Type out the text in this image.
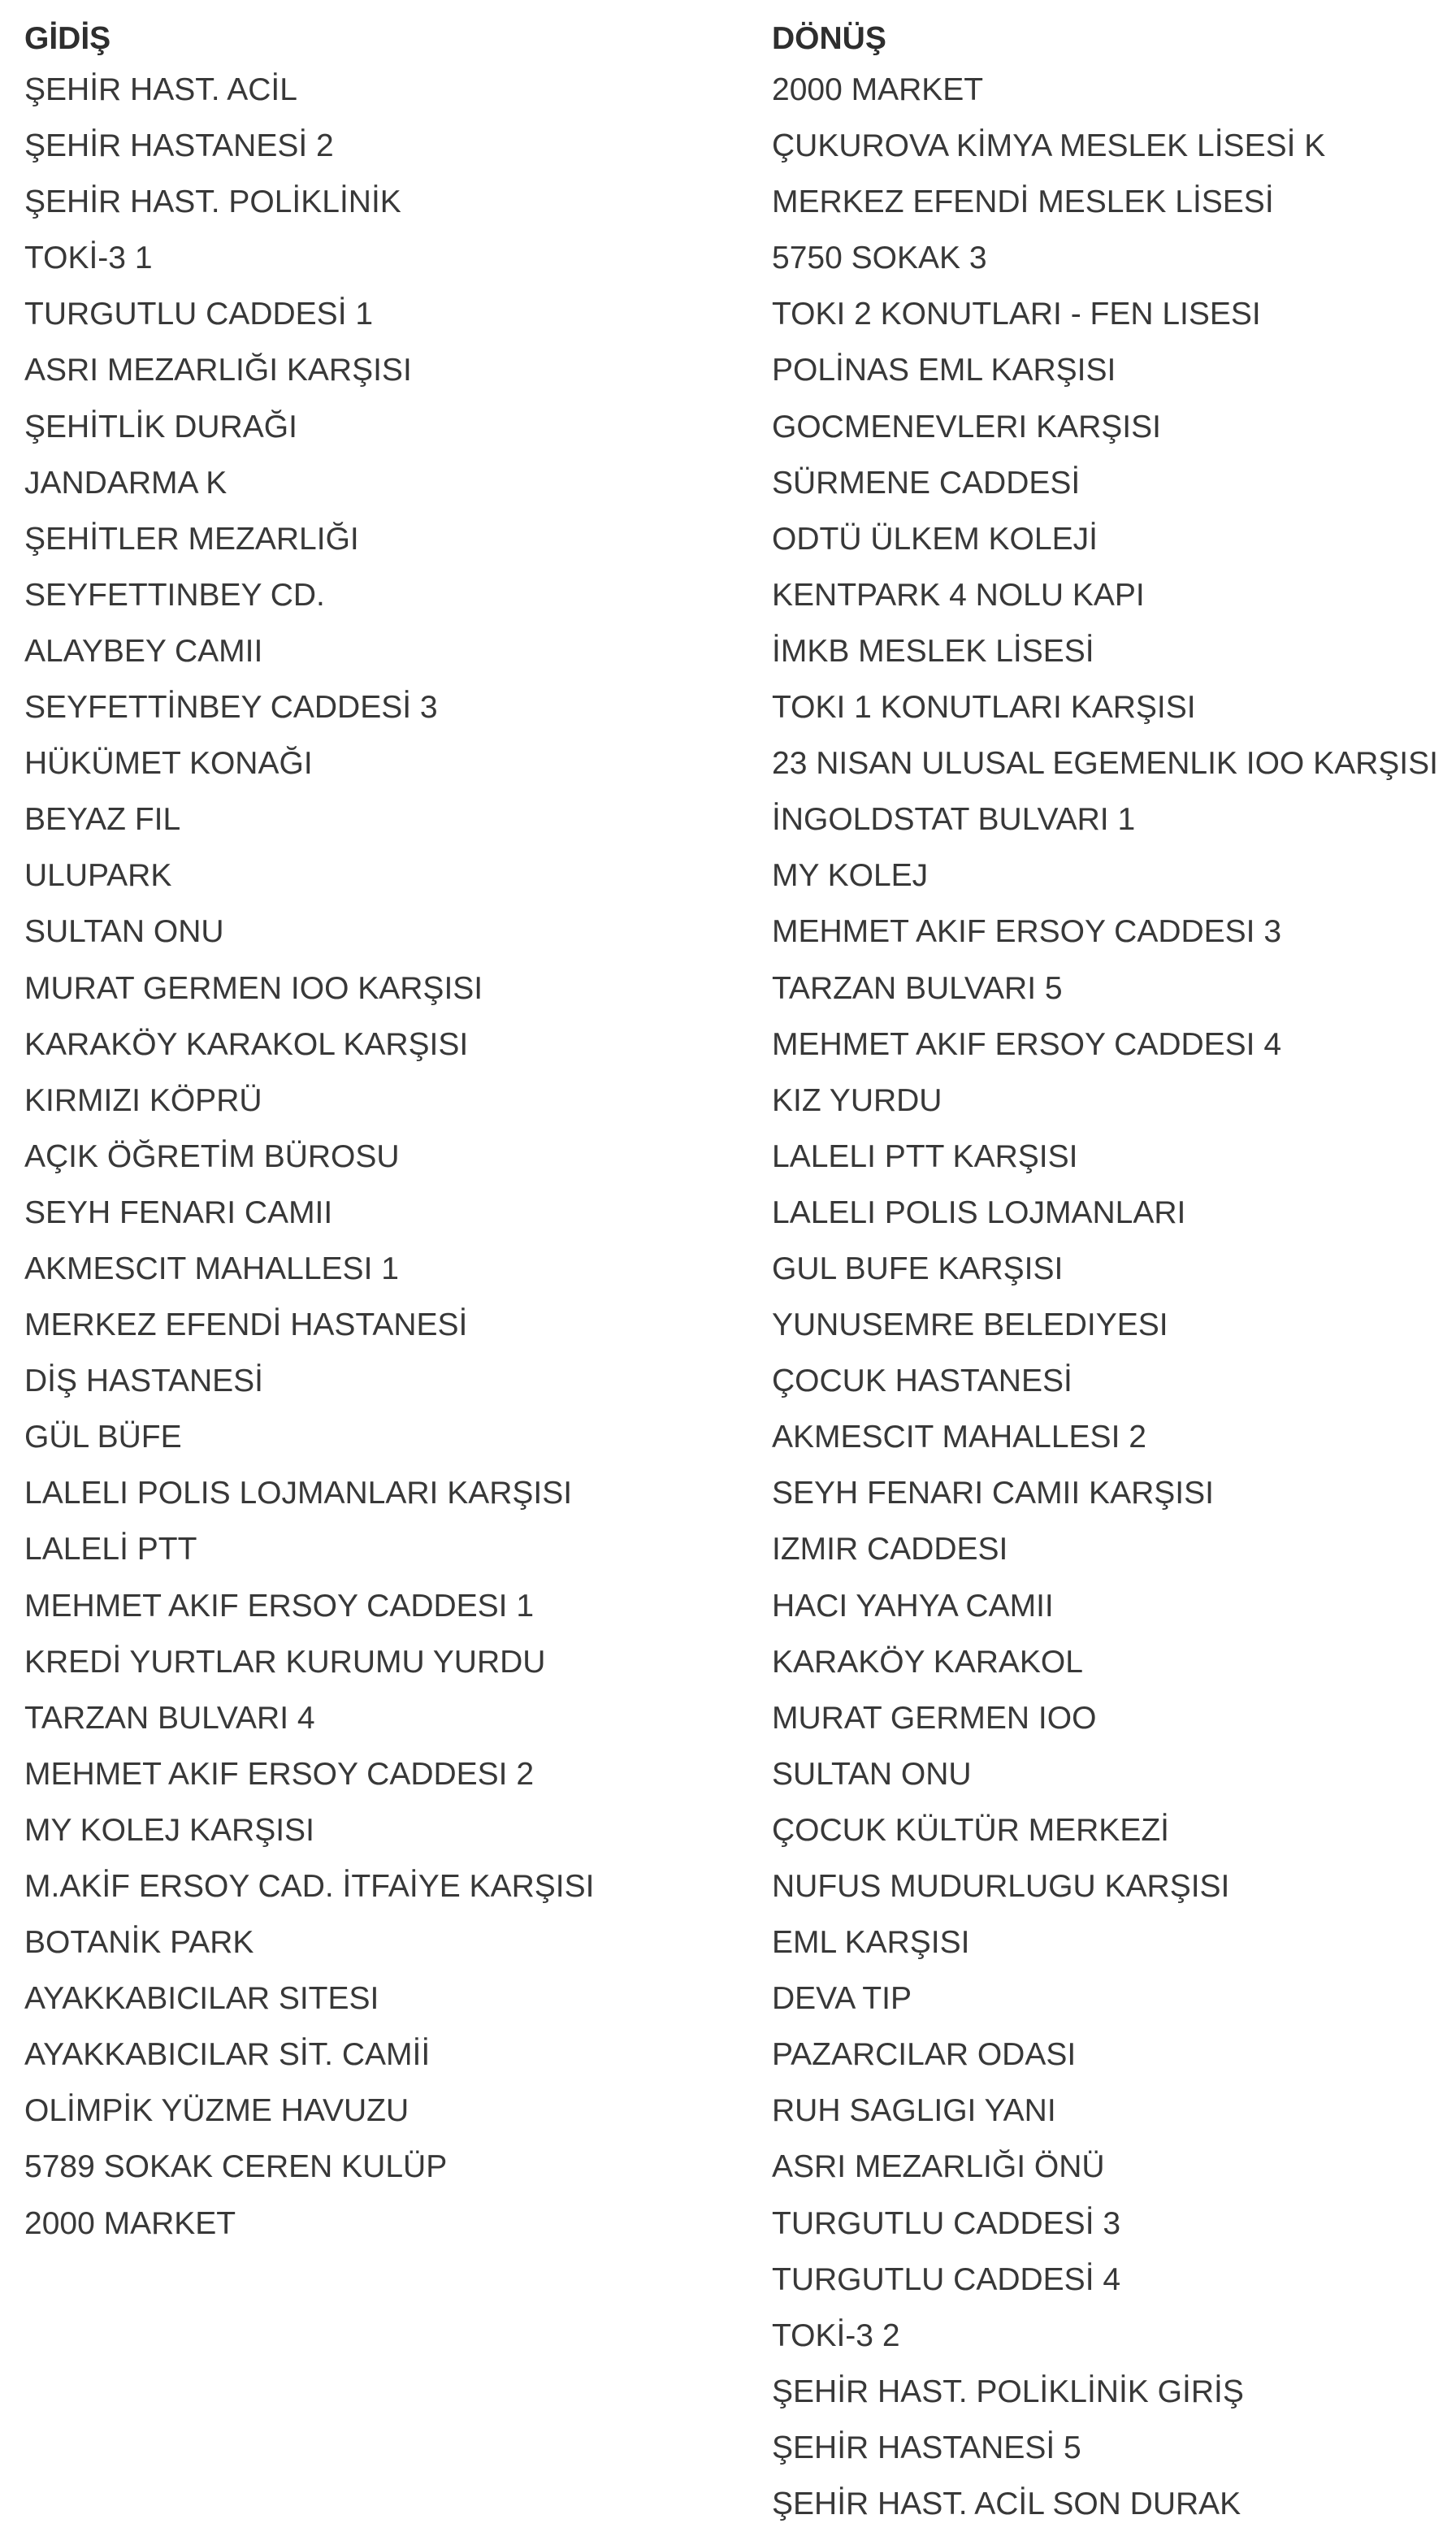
GİDİŞ
ŞEHİR HAST. ACİL
ŞEHİR HASTANESİ 2
ŞEHİR HAST. POLİKLİNİK
TOKİ-3 1
TURGUTLU CADDESİ 1
ASRI MEZARLIĞI KARŞISI
ŞEHİTLİK DURAĞI
JANDARMA K
ŞEHİTLER MEZARLIĞI
SEYFETTINBEY CD.
ALAYBEY CAMII
SEYFETTİNBEY CADDESİ 3
HÜKÜMET KONAĞI
BEYAZ FIL
ULUPARK
SULTAN ONU
MURAT GERMEN IOO KARŞISI
KARAKÖY KARAKOL KARŞISI
KIRMIZI KÖPRÜ
AÇIK ÖĞRETİM BÜROSU
SEYH FENARI CAMII
AKMESCIT MAHALLESI 1
MERKEZ EFENDİ HASTANESİ
DİŞ HASTANESİ
GÜL BÜFE
LALELI POLIS LOJMANLARI KARŞISI
LALELİ PTT
MEHMET AKIF ERSOY CADDESI 1
KREDİ YURTLAR KURUMU YURDU
TARZAN BULVARI 4
MEHMET AKIF ERSOY CADDESI 2
MY KOLEJ KARŞISI
M.AKİF ERSOY CAD. İTFAİYE KARŞISI
BOTANİK PARK
AYAKKABICILAR SITESI
AYAKKABICILAR SİT. CAMİİ
OLİMPİK YÜZME HAVUZU
5789 SOKAK CEREN KULÜP
2000 MARKET
DÖNÜŞ
2000 MARKET
ÇUKUROVA KİMYA MESLEK LİSESİ K
MERKEZ EFENDİ MESLEK LİSESİ
5750 SOKAK 3
TOKI 2 KONUTLARI - FEN LISESI
POLİNAS EML KARŞISI
GOCMENEVLERI KARŞISI
SÜRMENE CADDESİ
ODTÜ ÜLKEM KOLEJİ
KENTPARK 4 NOLU KAPI
İMKB MESLEK LİSESİ
TOKI 1 KONUTLARI KARŞISI
23 NISAN ULUSAL EGEMENLIK IOO KARŞISI
İNGOLDSTAT BULVARI 1
MY KOLEJ
MEHMET AKIF ERSOY CADDESI 3
TARZAN BULVARI 5
MEHMET AKIF ERSOY CADDESI 4
KIZ YURDU
LALELI PTT KARŞISI
LALELI POLIS LOJMANLARI
GUL BUFE KARŞISI
YUNUSEMRE BELEDIYESI
ÇOCUK HASTANESİ
AKMESCIT MAHALLESI 2
SEYH FENARI CAMII KARŞISI
IZMIR CADDESI
HACI YAHYA CAMII
KARAKÖY KARAKOL
MURAT GERMEN IOO
SULTAN ONU
ÇOCUK KÜLTÜR MERKEZİ
NUFUS MUDURLUGU KARŞISI
EML KARŞISI
DEVA TIP
PAZARCILAR ODASI
RUH SAGLIGI YANI
ASRI MEZARLIĞI ÖNÜ
TURGUTLU CADDESİ 3
TURGUTLU CADDESİ 4
TOKİ-3 2
ŞEHİR HAST. POLİKLİNİK GİRİŞ
ŞEHİR HASTANESİ 5
ŞEHİR HAST. ACİL SON DURAK
